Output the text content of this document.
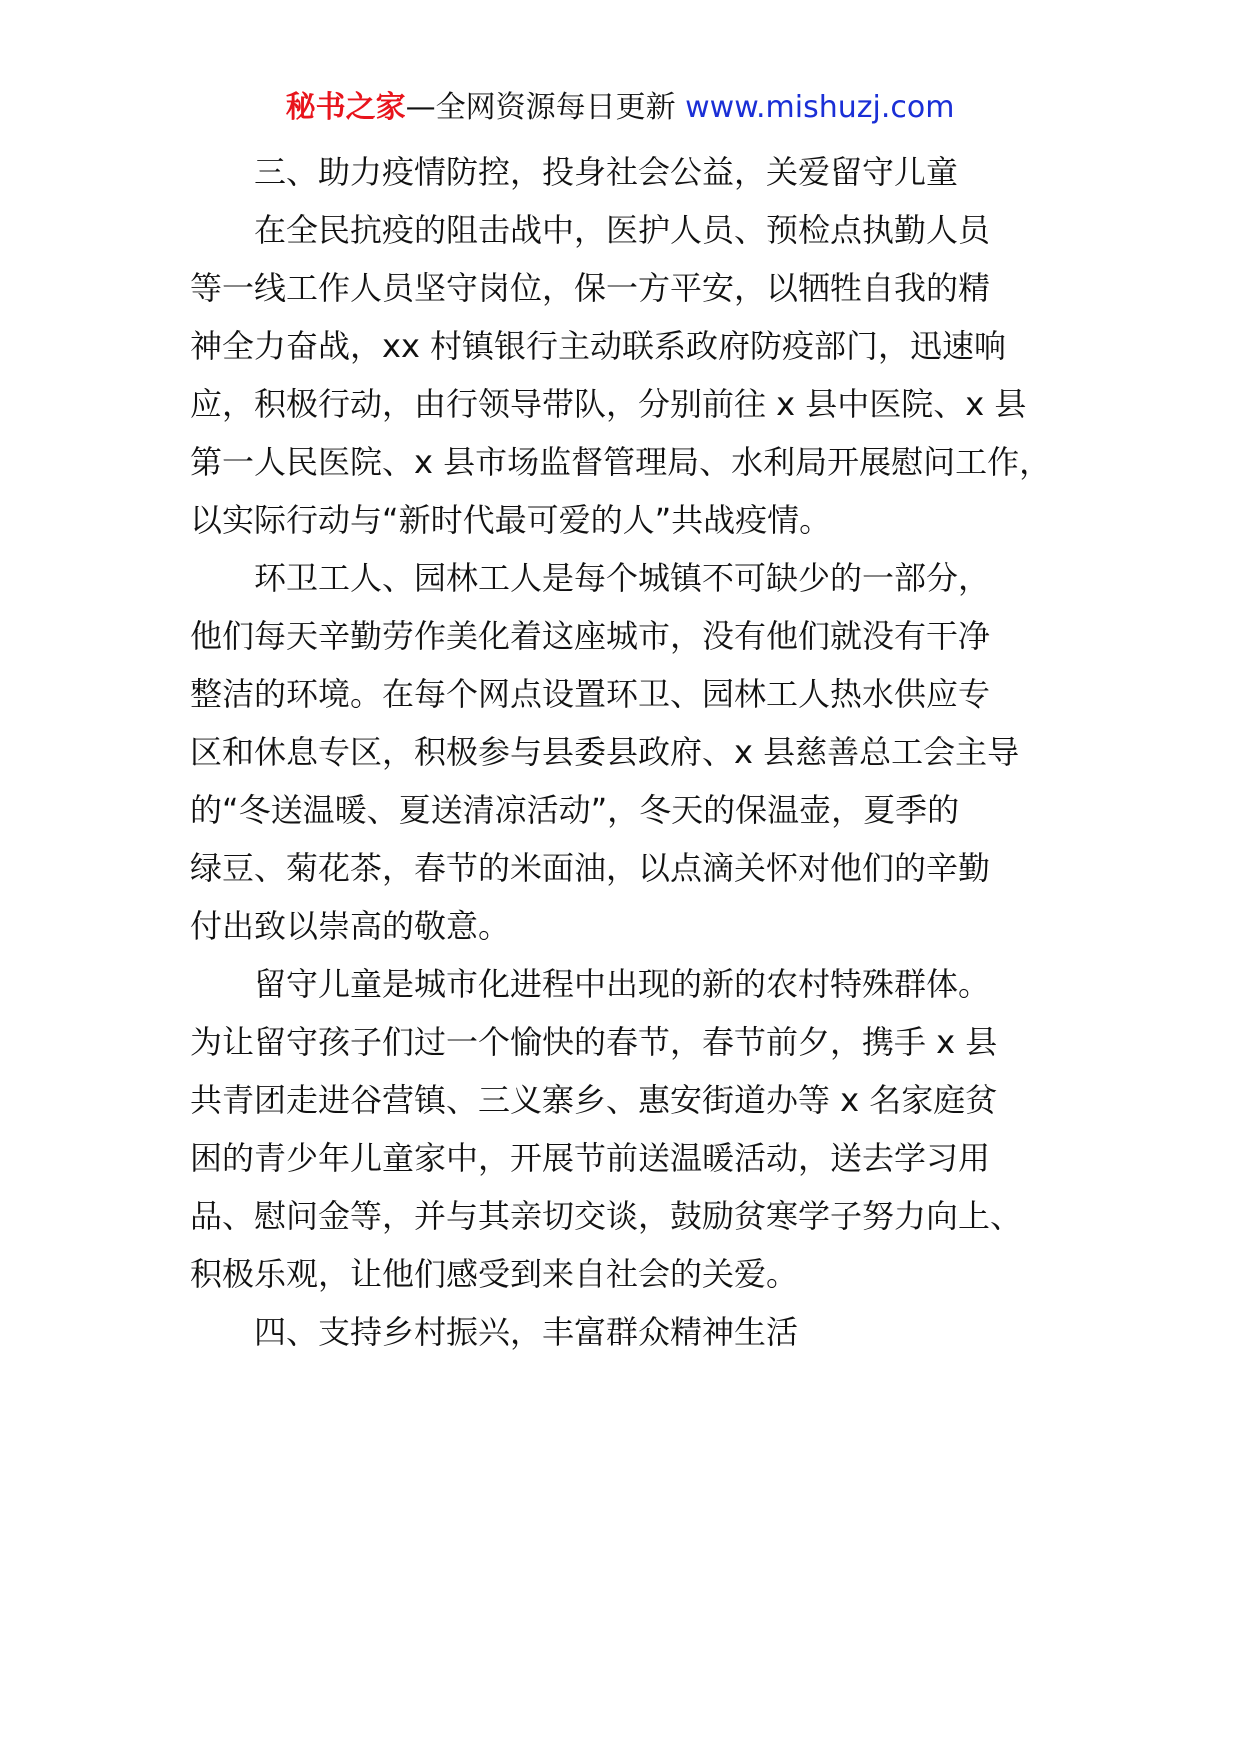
秘书之家—全网资源每日更新 www.mishuzj.com
三、助力疫情防控，投身社会公益，关爱留守儿童
在全民抗疫的阻击战中，医护人员、预检点执勤人员
等一线工作人员坚守岗位，保一方平安，以牺牲自我的精
神全力奋战，xx 村镇银行主动联系政府防疫部门，迅速响
应，积极行动，由行领导带队，分别前往 x 县中医院、x 县
第一人民医院、x 县市场监督管理局、水利局开展慰问工作，
以实际行动与“新时代最可爱的人”共战疫情。
环卫工人、园林工人是每个城镇不可缺少的一部分，
他们每天辛勤劳作美化着这座城市，没有他们就没有干净
整洁的环境。在每个网点设置环卫、园林工人热水供应专
区和休息专区，积极参与县委县政府、x 县慈善总工会主导
的“冬送温暖、夏送清凉活动”，冬天的保温壶，夏季的
绿豆、菊花茶，春节的米面油，以点滴关怀对他们的辛勤
付出致以崇高的敬意。
留守儿童是城市化进程中出现的新的农村特殊群体。
为让留守孩子们过一个愉快的春节，春节前夕，携手 x 县
共青团走进谷营镇、三义寨乡、惠安街道办等 x 名家庭贫
困的青少年儿童家中，开展节前送温暖活动，送去学习用
品、慰问金等，并与其亲切交谈，鼓励贫寒学子努力向上、
积极乐观，让他们感受到来自社会的关爱。
四、支持乡村振兴，丰富群众精神生活
